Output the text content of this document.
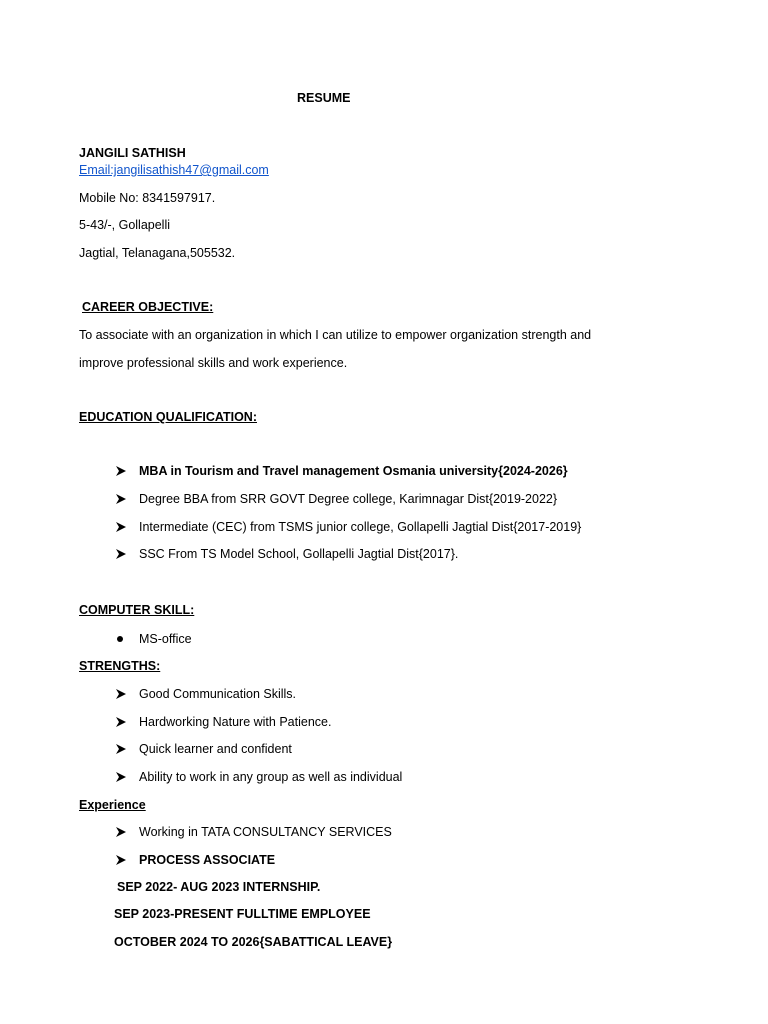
RESUME
JANGILI SATHISH
Email:jangilisathish47@gmail.com
Mobile No: 8341597917.
5-43/-, Gollapelli
Jagtial, Telanagana,505532.
CAREER OBJECTIVE:
To associate with an organization in which I can utilize to empower organization strength and
improve professional skills and work experience.
EDUCATION QUALIFICATION:
MBA in Tourism and Travel management Osmania university{2024-2026}
Degree BBA from SRR GOVT Degree college, Karimnagar Dist{2019-2022}
Intermediate (CEC) from TSMS junior college, Gollapelli Jagtial Dist{2017-2019}
SSC From TS Model School, Gollapelli Jagtial Dist{2017}.
COMPUTER SKILL:
MS-office
STRENGTHS:
Good Communication Skills.
Hardworking Nature with Patience.
Quick learner and confident
Ability to work in any group as well as individual
Experience
Working in TATA CONSULTANCY SERVICES
PROCESS ASSOCIATE
SEP 2022- AUG 2023 INTERNSHIP.
SEP 2023-PRESENT FULLTIME EMPLOYEE
OCTOBER 2024 TO 2026{SABATTICAL LEAVE}
